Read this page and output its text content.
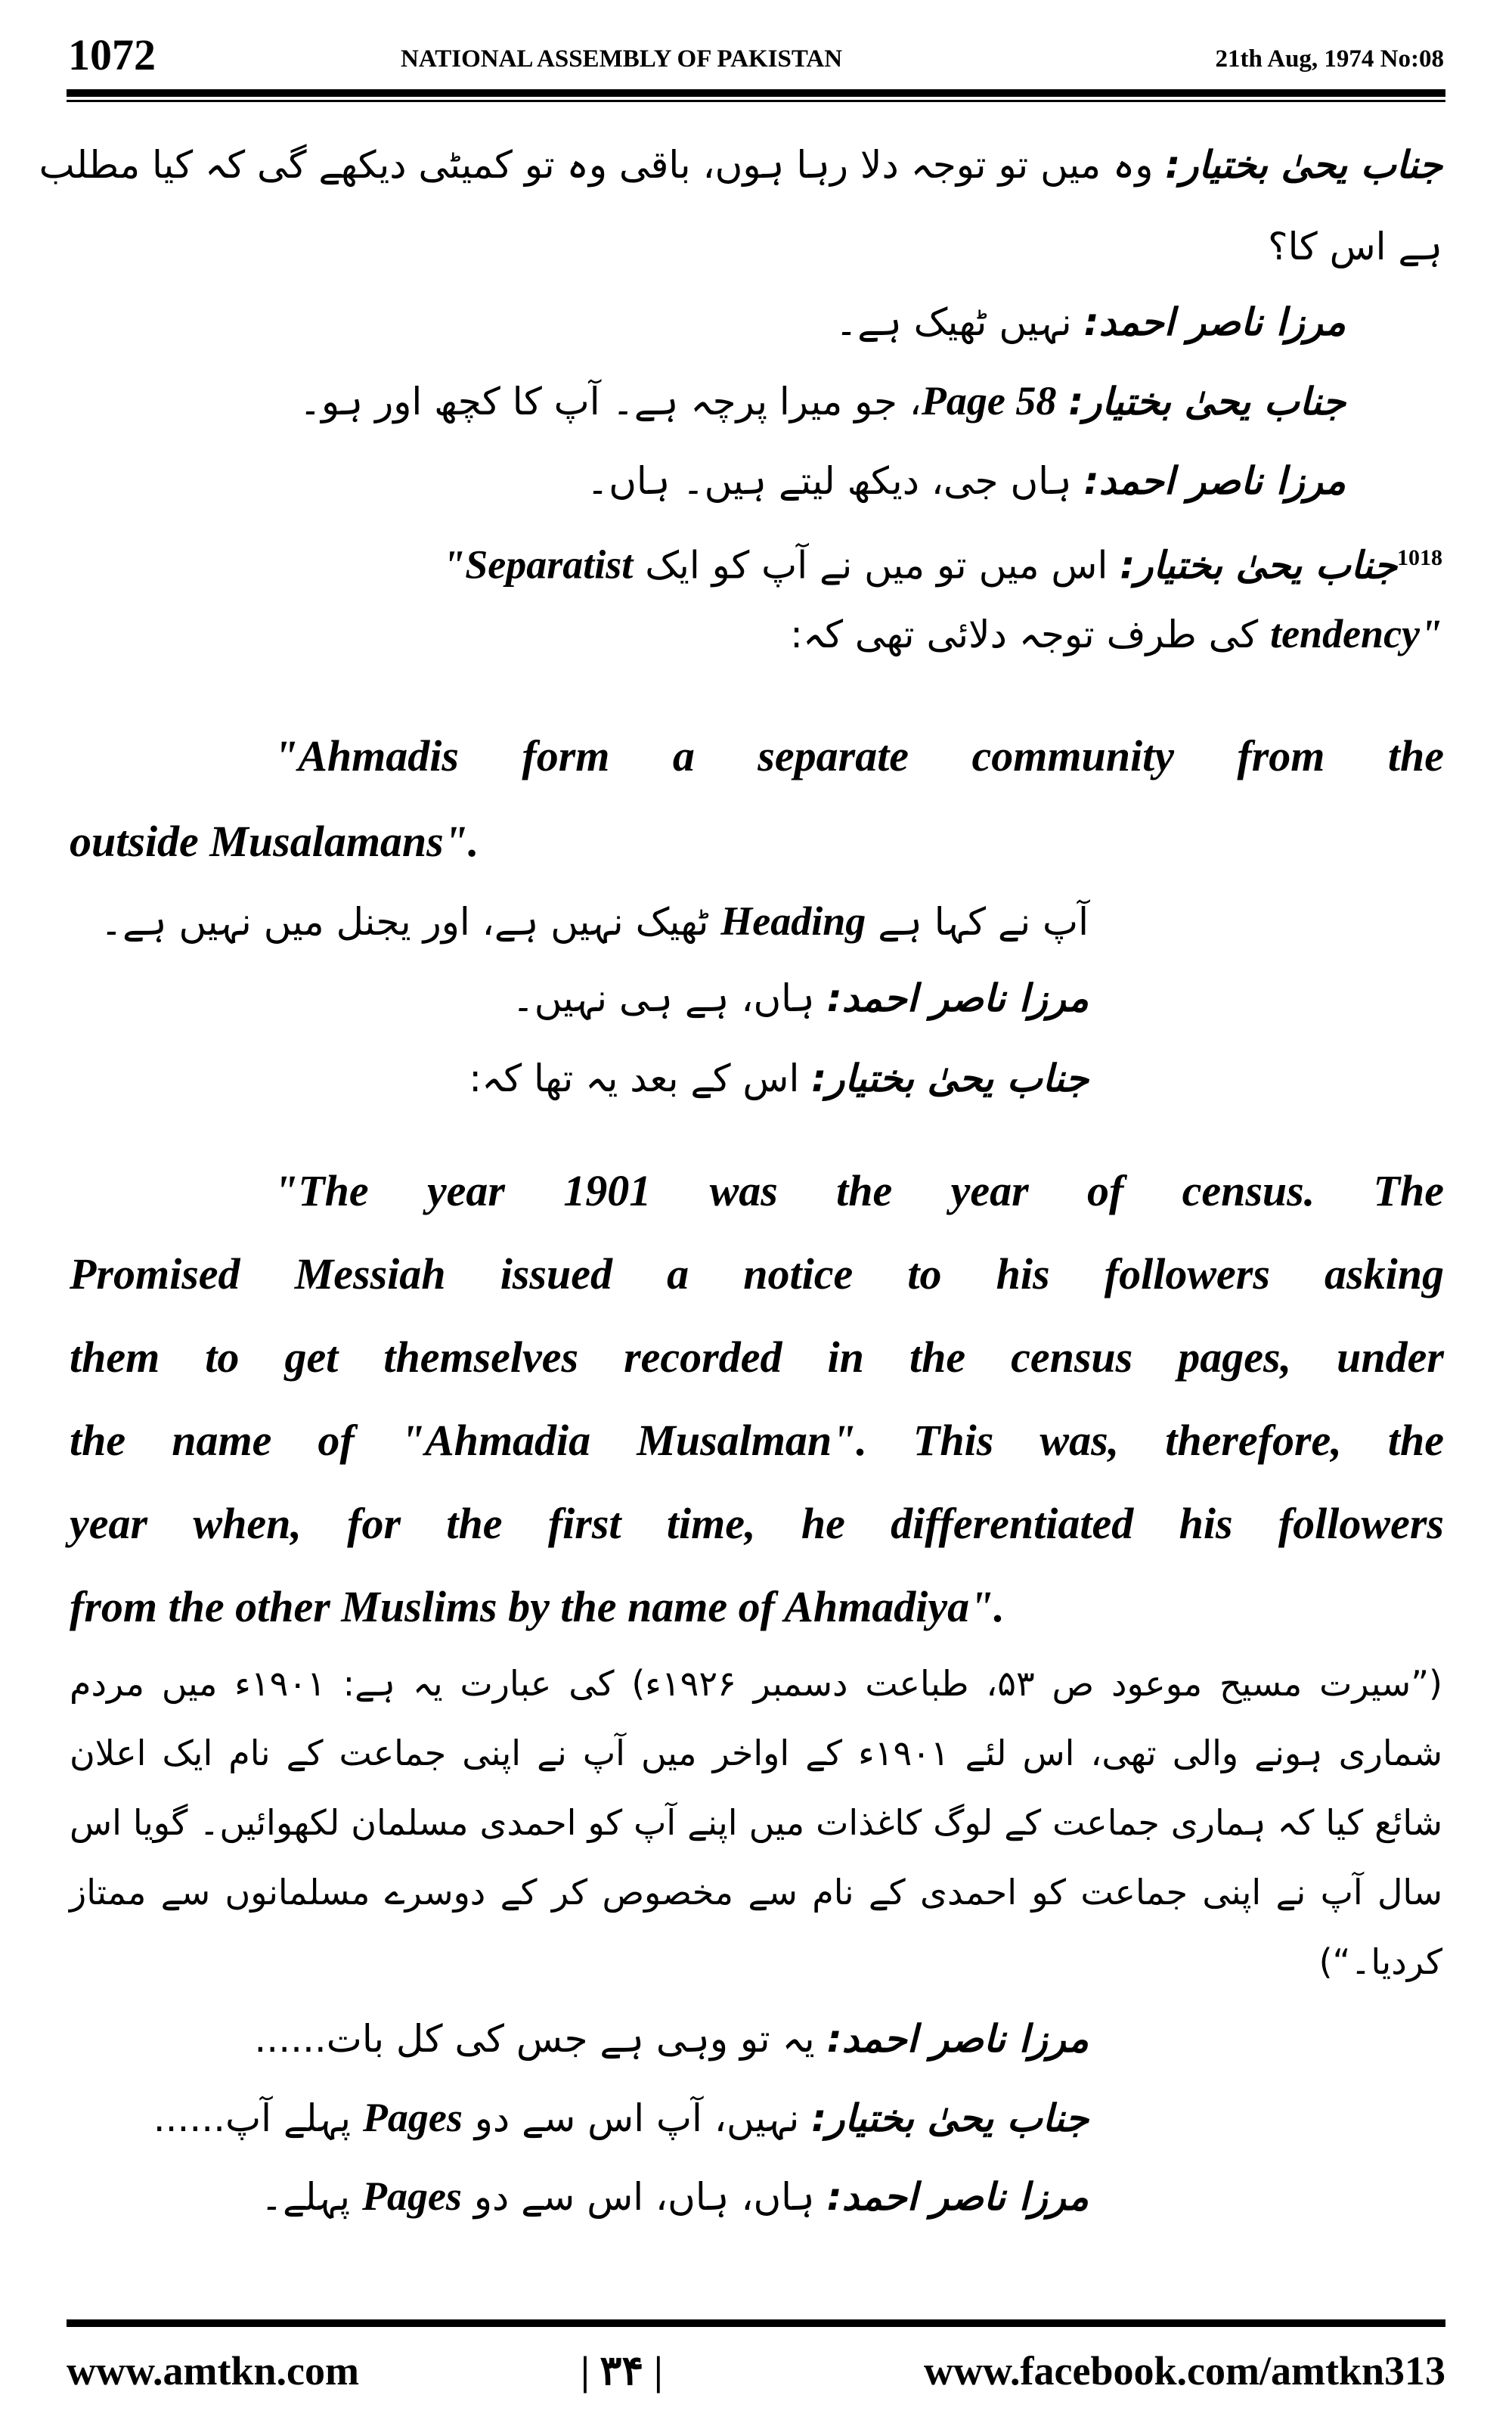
1072	NATIONAL ASSEMBLY OF PAKISTAN	21th Aug, 1974 No:08
جناب یحیٰ بختیار: وہ میں تو توجہ دلا رہا ہوں، باقی وہ تو کمیٹی دیکھے گی کہ کیا مطلب
ہے اس کا؟
مرزا ناصر احمد: نہیں ٹھیک ہے۔
جناب یحیٰ بختیار: Page 58، جو میرا پرچہ ہے۔ آپ کا کچھ اور ہو۔
مرزا ناصر احمد: ہاں جی، دیکھ لیتے ہیں۔ ہاں۔
$^{1018}$جناب یحیٰ بختیار: اس میں تو میں نے آپ کو ایک "Separatist
tendency" کی طرف توجہ دلائی تھی کہ:
"Ahmadis form a separate community from the
outside Musalamans".
آپ نے کہا ہے Heading ٹھیک نہیں ہے، اور یجنل میں نہیں ہے۔
مرزا ناصر احمد: ہاں، ہے ہی نہیں۔
جناب یحیٰ بختیار: اس کے بعد یہ تھا کہ:
"The year 1901 was the year of census. The
Promised Messiah issued a notice to his followers asking
them to get themselves recorded in the census pages, under
the name of "Ahmadia Musalman". This was, therefore, the
year when, for the first time, he differentiated his followers
from the other Muslims by the name of Ahmadiya".
(”سیرت مسیح موعود ص ۵۳، طباعت دسمبر ۱۹۲۶ء) کی عبارت یہ ہے: ۱۹۰۱ء میں مردم
شماری ہونے والی تھی، اس لئے ۱۹۰۱ء کے اواخر میں آپ نے اپنی جماعت کے نام ایک اعلان
شائع کیا کہ ہماری جماعت کے لوگ کاغذات میں اپنے آپ کو احمدی مسلمان لکھوائیں۔ گویا اس
سال آپ نے اپنی جماعت کو احمدی کے نام سے مخصوص کر کے دوسرے مسلمانوں سے ممتاز
کردیا۔“)
مرزا ناصر احمد: یہ تو وہی ہے جس کی کل بات......
جناب یحیٰ بختیار: نہیں، آپ اس سے دو Pages پہلے آپ......
مرزا ناصر احمد: ہاں، ہاں، اس سے دو Pages پہلے۔
www.amtkn.com	| ۳۴ |	www.facebook.com/amtkn313
